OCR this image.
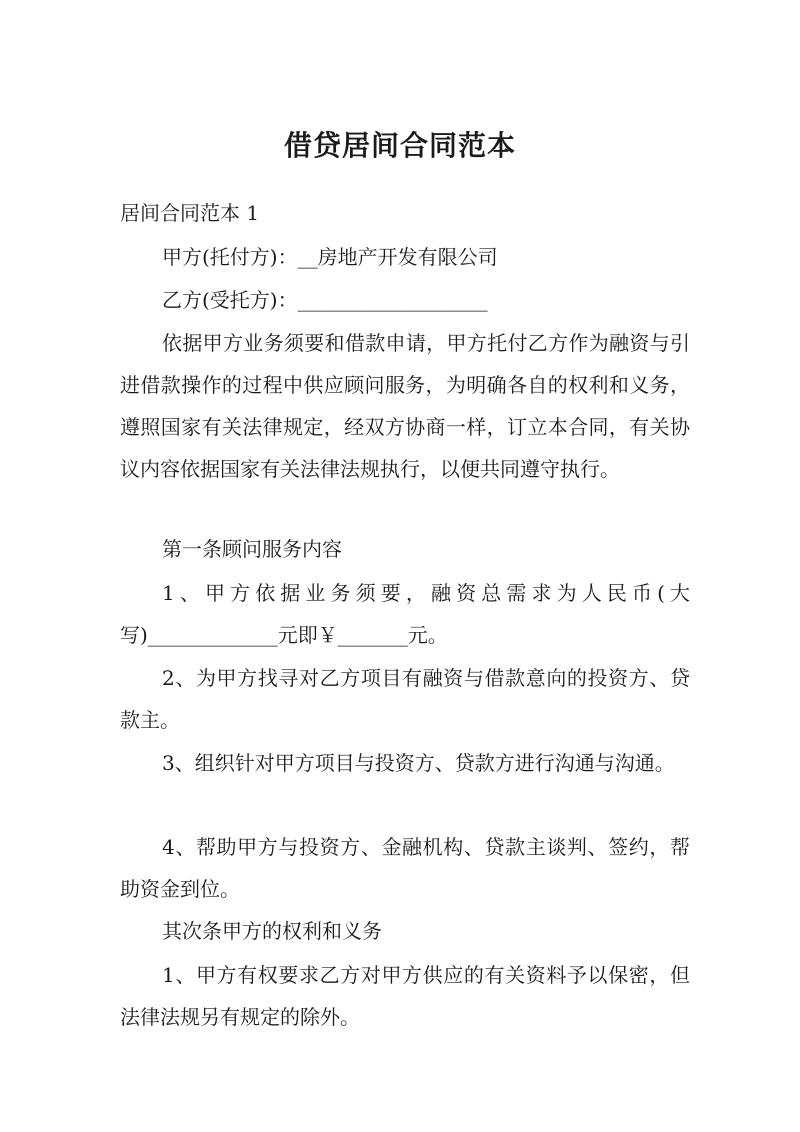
借贷居间合同范本

居间合同范本 1

甲方(托付方)：__房地产开发有限公司

乙方(受托方)：___________________

依据甲方业务须要和借款申请，甲方托付乙方作为融资与引进借款操作的过程中供应顾问服务，为明确各自的权利和义务，遵照国家有关法律规定，经双方协商一样，订立本合同，有关协议内容依据国家有关法律法规执行，以便共同遵守执行。

第一条顾问服务内容

1、甲方依据业务须要，融资总需求为人民币(大写)_____________元即￥_______元。

2、为甲方找寻对乙方项目有融资与借款意向的投资方、贷款主。

3、组织针对甲方项目与投资方、贷款方进行沟通与沟通。

4、帮助甲方与投资方、金融机构、贷款主谈判、签约，帮助资金到位。

其次条甲方的权利和义务

1、甲方有权要求乙方对甲方供应的有关资料予以保密，但法律法规另有规定的除外。
